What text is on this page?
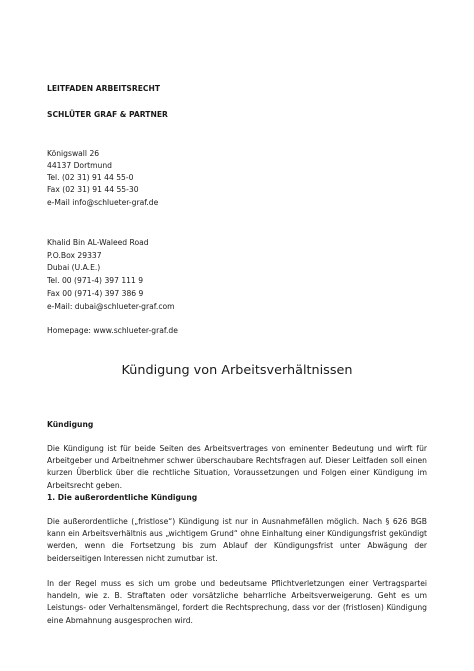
LEITFADEN ARBEITSRECHT
SCHLÜTER GRAF & PARTNER
Königswall 26
44137 Dortmund
Tel. (02 31) 91 44 55-0
Fax (02 31) 91 44 55-30
e-Mail info@schlueter-graf.de
Khalid Bin AL-Waleed Road
P.O.Box 29337
Dubai (U.A.E.)
Tel. 00 (971-4) 397 111 9
Fax 00 (971-4) 397 386 9
e-Mail: dubai@schlueter-graf.com
Homepage: www.schlueter-graf.de
Kündigung von Arbeitsverhältnissen
Kündigung
Die Kündigung ist für beide Seiten des Arbeitsvertrages von eminenter Bedeutung und wirft für Arbeitgeber und Arbeitnehmer schwer überschaubare Rechtsfragen auf. Dieser Leitfaden soll einen kurzen Überblick über die rechtliche Situation, Voraussetzungen und Folgen einer Kündigung im Arbeitsrecht geben.
1. Die außerordentliche Kündigung
Die außerordentliche („fristlose“) Kündigung ist nur in Ausnahmefällen möglich. Nach § 626 BGB kann ein Arbeitsverhältnis aus „wichtigem Grund“ ohne Einhaltung einer Kündigungsfrist gekündigt werden, wenn die Fortsetzung bis zum Ablauf der Kündigungsfrist unter Abwägung der beiderseitigen Interessen nicht zumutbar ist.
In der Regel muss es sich um grobe und bedeutsame Pflichtverletzungen einer Vertragspartei handeln, wie z. B. Straftaten oder vorsätzliche beharrliche Arbeitsverweigerung. Geht es um Leistungs- oder Verhaltensmängel, fordert die Rechtsprechung, dass vor der (fristlosen) Kündigung eine Abmahnung ausgesprochen wird.
